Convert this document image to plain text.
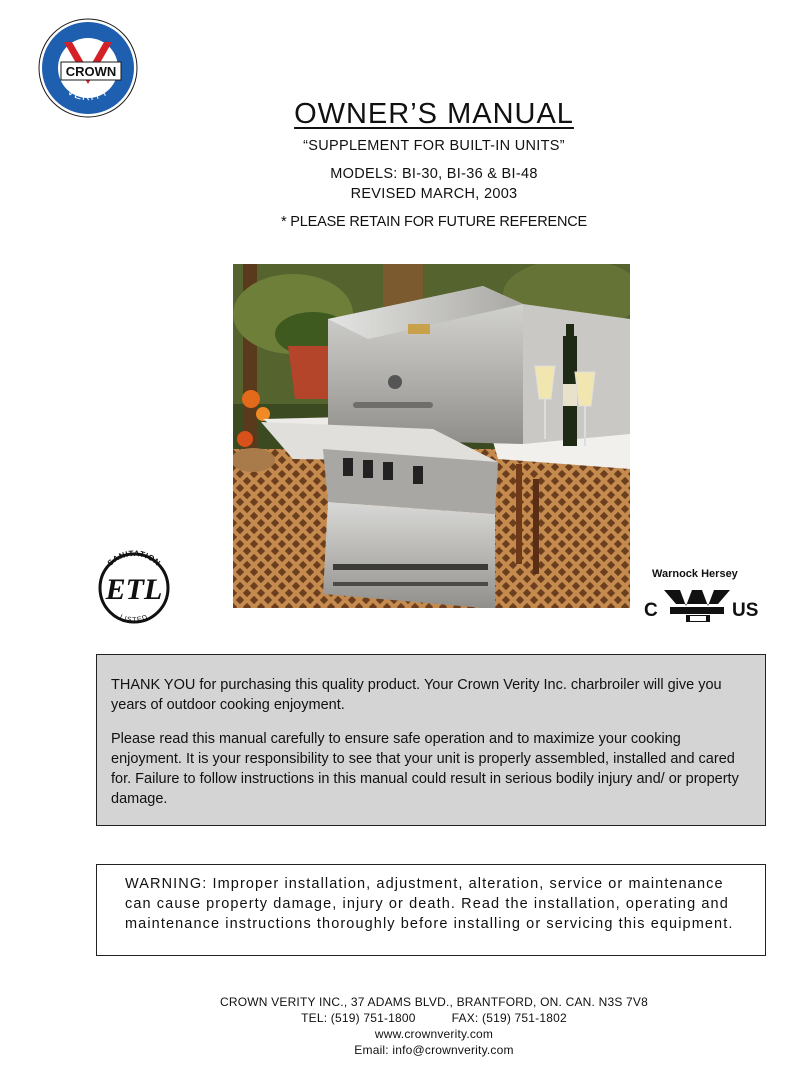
CROWN
VERITY
OWNER’S MANUAL
“SUPPLEMENT FOR BUILT-IN UNITS”
MODELS: BI-30, BI-36 & BI-48
REVISED MARCH, 2003
* PLEASE RETAIN FOR FUTURE REFERENCE
SANITATION
ETL
LISTED
Warnock Hersey
C	US

THANK YOU for purchasing this quality product. Your Crown Verity Inc. charbroiler will give you years of outdoor cooking enjoyment.

Please read this manual carefully to ensure safe operation and to maximize your cooking enjoyment. It is your responsibility to see that your unit is properly assembled, installed and cared for. Failure to follow instructions in this manual could result in serious bodily injury and/ or property damage.

WARNING: Improper installation, adjustment, alteration, service or maintenance can cause property damage, injury or death. Read the installation, operating and maintenance instructions thoroughly before installing or servicing this equipment.
CROWN VERITY INC., 37 ADAMS BLVD., BRANTFORD, ON. CAN. N3S 7V8
TEL: (519) 751-1800	FAX: (519) 751-1802
www.crownverity.com
Email: info@crownverity.com
